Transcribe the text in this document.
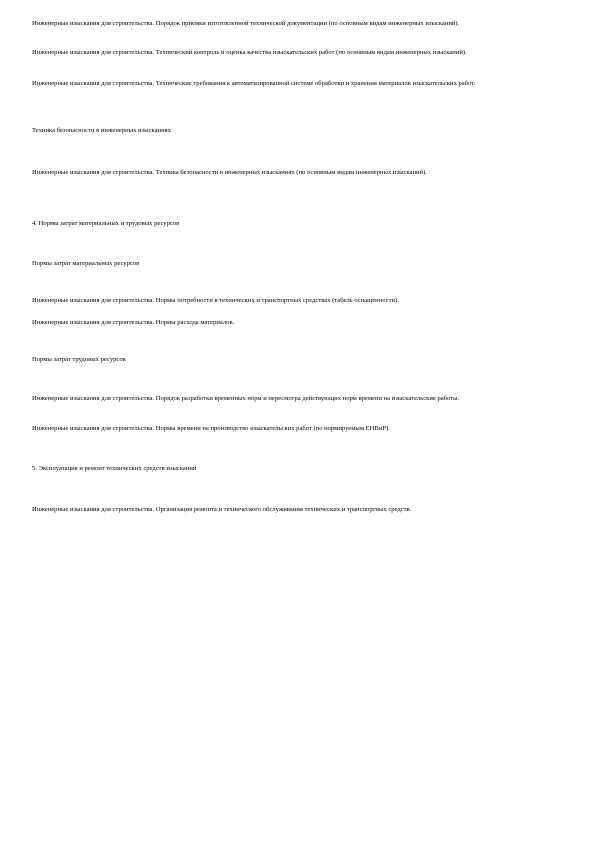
Инженерные изыскания для строительства. Порядок приемки изготовленной технической документации (по основным видам инженерных изысканий).

Инженерные изыскания для строительства. Технический контроль и оценка качества изыскательских работ (по основным видам инженерных изысканий).

Инженерные изыскания для строительства. Технические требования к автоматизированной системе обработки и хранения материалов изыскательских работ.

Техника безопасности в инженерных изысканиях

Инженерные изыскания для строительства. Техника безопасности в инженерных изысканиях (по основным видам инженерных изысканий).

4. Нормы затрат материальных и трудовых ресурсов

Нормы затрат материальных ресурсов

Инженерные изыскания для строительства. Нормы потребности в технических и транспортных средствах (табель оснащенности).

Инженерные изыскания для строительства. Нормы расхода материалов.

Нормы затрат трудовых ресурсов

Инженерные изыскания для строительства. Порядок разработки временных норм и пересмотра действующих норм времени на изыскательские работы.

Инженерные изыскания для строительства. Нормы времени на производство изыскательских работ (по нормируемым ЕНВиР).

5. Эксплуатация и ремонт технических средств изысканий

Инженерные изыскания для строительства. Организация ремонта и технического обслуживания технических и транспортных средств.
